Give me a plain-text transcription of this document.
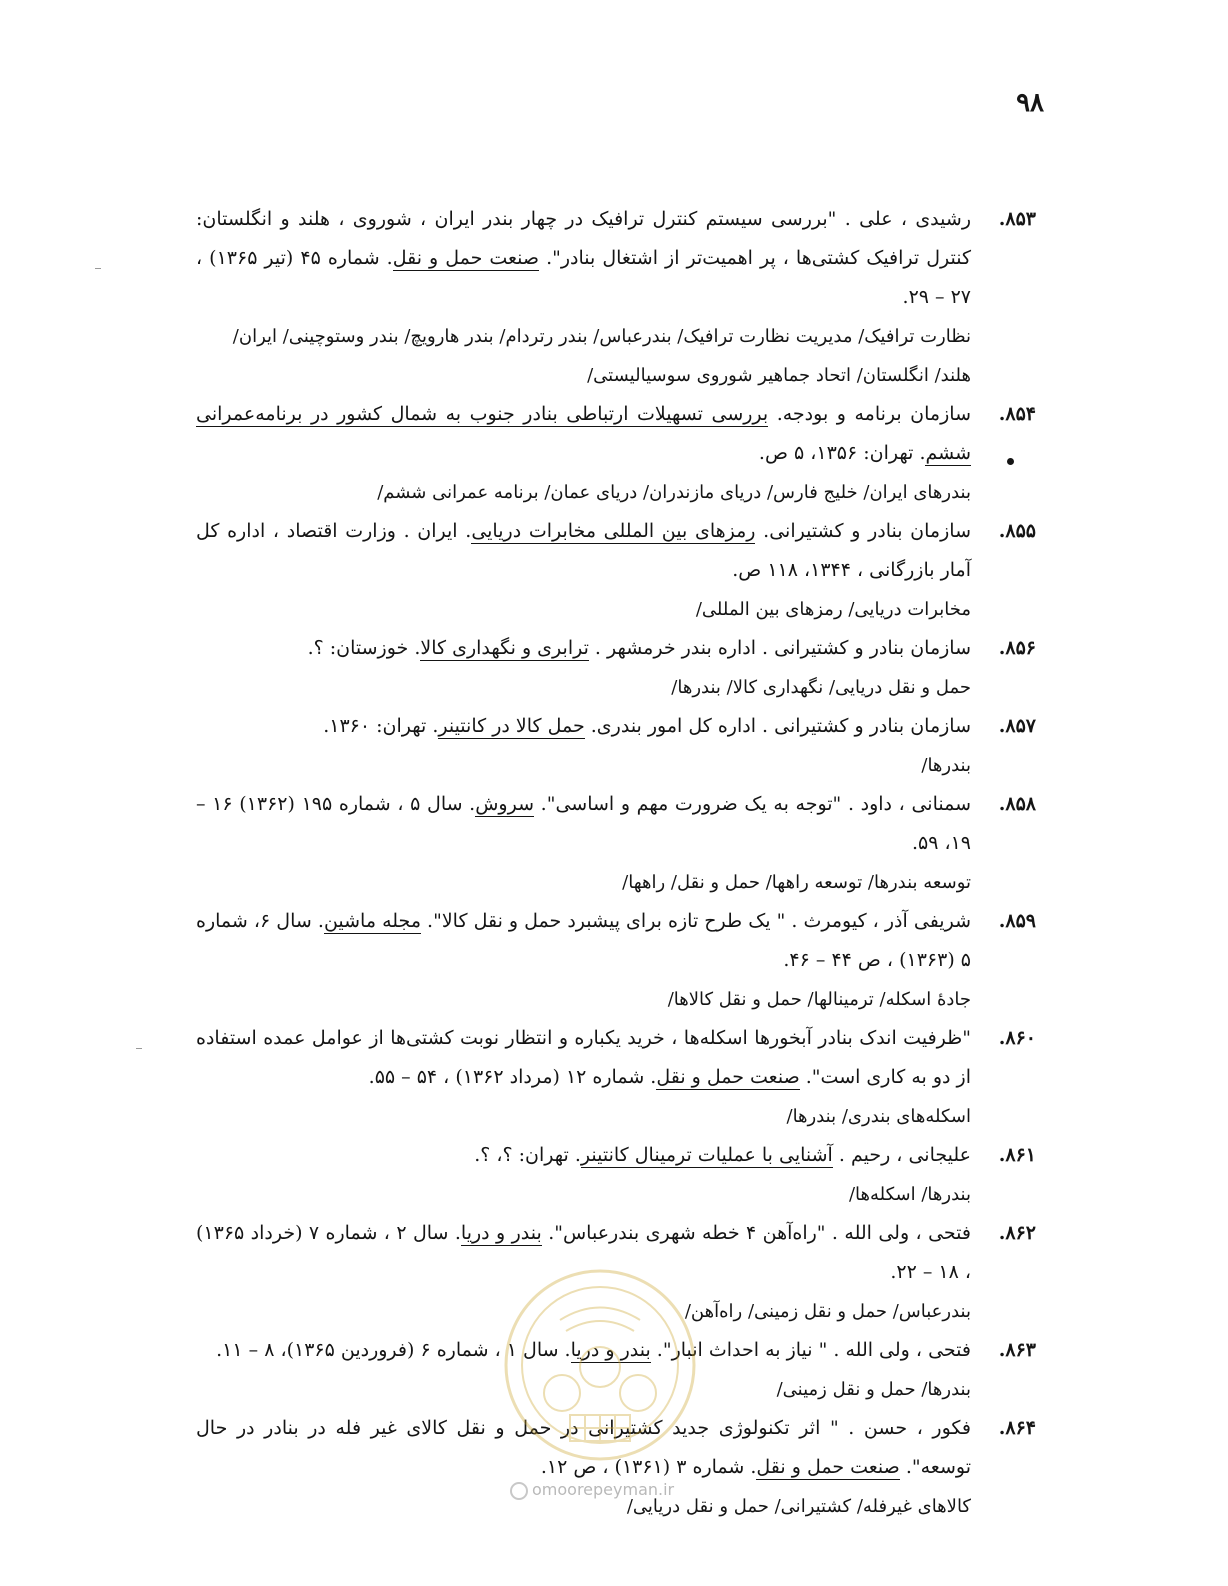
۹۸
۸۵۳.
رشیدی ، علی . "بررسی سیستم کنترل ترافیک در چهار بندر ایران ، شوروی ، هلند و انگلستان: کنترل ترافیک کشتی‌ها ، پر اهمیت‌تر از اشتغال بنادر". صنعت حمل و نقل. شماره ۴۵ (تیر ۱۳۶۵) ، ۲۷ – ۲۹.
نظارت ترافیک/ مدیریت نظارت ترافیک/ بندرعباس/ بندر رتردام/ بندر هارویچ/ بندر وستوچینی/ ایران/ هلند/ انگلستان/ اتحاد جماهیر شوروی سوسیالیستی/
۸۵۴.
سازمان برنامه و بودجه. بررسی تسهیلات ارتباطی بنادر جنوب به شمال کشور در برنامه‌عمرانی ششم. تهران: ۱۳۵۶، ۵ ص.
بندرهای ایران/ خلیج فارس/ دریای مازندران/ دریای عمان/ برنامه عمرانی ششم/
۸۵۵.
سازمان بنادر و کشتیرانی. رمزهای بین المللی مخابرات دریایی. ایران . وزارت اقتصاد ، اداره کل آمار بازرگانی ، ۱۳۴۴، ۱۱۸ ص.
مخابرات دریایی/ رمزهای بین المللی/
۸۵۶.
سازمان بنادر و کشتیرانی . اداره بندر خرمشهر . ترابری و نگهداری کالا. خوزستان: ؟.
حمل و نقل دریایی/ نگهداری کالا/ بندرها/
۸۵۷.
سازمان بنادر و کشتیرانی . اداره کل امور بندری. حمل کالا در کانتینر. تهران: ۱۳۶۰.
بندرها/
۸۵۸.
سمنانی ، داود . "توجه به یک ضرورت مهم و اساسی". سروش. سال ۵ ، شماره ۱۹۵ (۱۳۶۲) ۱۶ – ۱۹، ۵۹.
توسعه بندرها/ توسعه راهها/ حمل و نقل/ راهها/
۸۵۹.
شریفی آذر ، کیومرث . " یک طرح تازه برای پیشبرد حمل و نقل کالا". مجله ماشین. سال ۶، شماره ۵ (۱۳۶۳) ، ص ۴۴ – ۴۶.
جادهٔ اسکله/ ترمینالها/ حمل و نقل کالاها/
۸۶۰.
"ظرفیت اندک بنادر آبخورها اسکله‌ها ، خرید یکباره و انتظار نوبت کشتی‌ها از عوامل عمده استفاده از دو به کاری است". صنعت حمل و نقل. شماره ۱۲ (مرداد ۱۳۶۲) ، ۵۴ – ۵۵.
اسکله‌های بندری/ بندرها/
۸۶۱.
علیجانی ، رحیم . آشنایی با عملیات ترمینال کانتینر. تهران: ؟، ؟.
بندرها/ اسکله‌ها/
۸۶۲.
فتحی ، ولی الله . "راه‌آهن ۴ خطه شهری بندرعباس". بندر و دریا. سال ۲ ، شماره ۷ (خرداد ۱۳۶۵) ، ۱۸ – ۲۲.
بندرعباس/ حمل و نقل زمینی/ راه‌آهن/
۸۶۳.
فتحی ، ولی الله . " نیاز به احداث انبار". بندر و دریا. سال ۱ ، شماره ۶ (فروردین ۱۳۶۵)، ۸ – ۱۱.
بندرها/ حمل و نقل زمینی/
۸۶۴.
فکور ، حسن . " اثر تکنولوژی جدید کشتیرانی در حمل و نقل کالای غیر فله در بنادر در حال توسعه". صنعت حمل و نقل. شماره ۳ (۱۳۶۱) ، ص ۱۲.
کالاهای غیرفله/ کشتیرانی/ حمل و نقل دریایی/
omoorepeyman.ir
